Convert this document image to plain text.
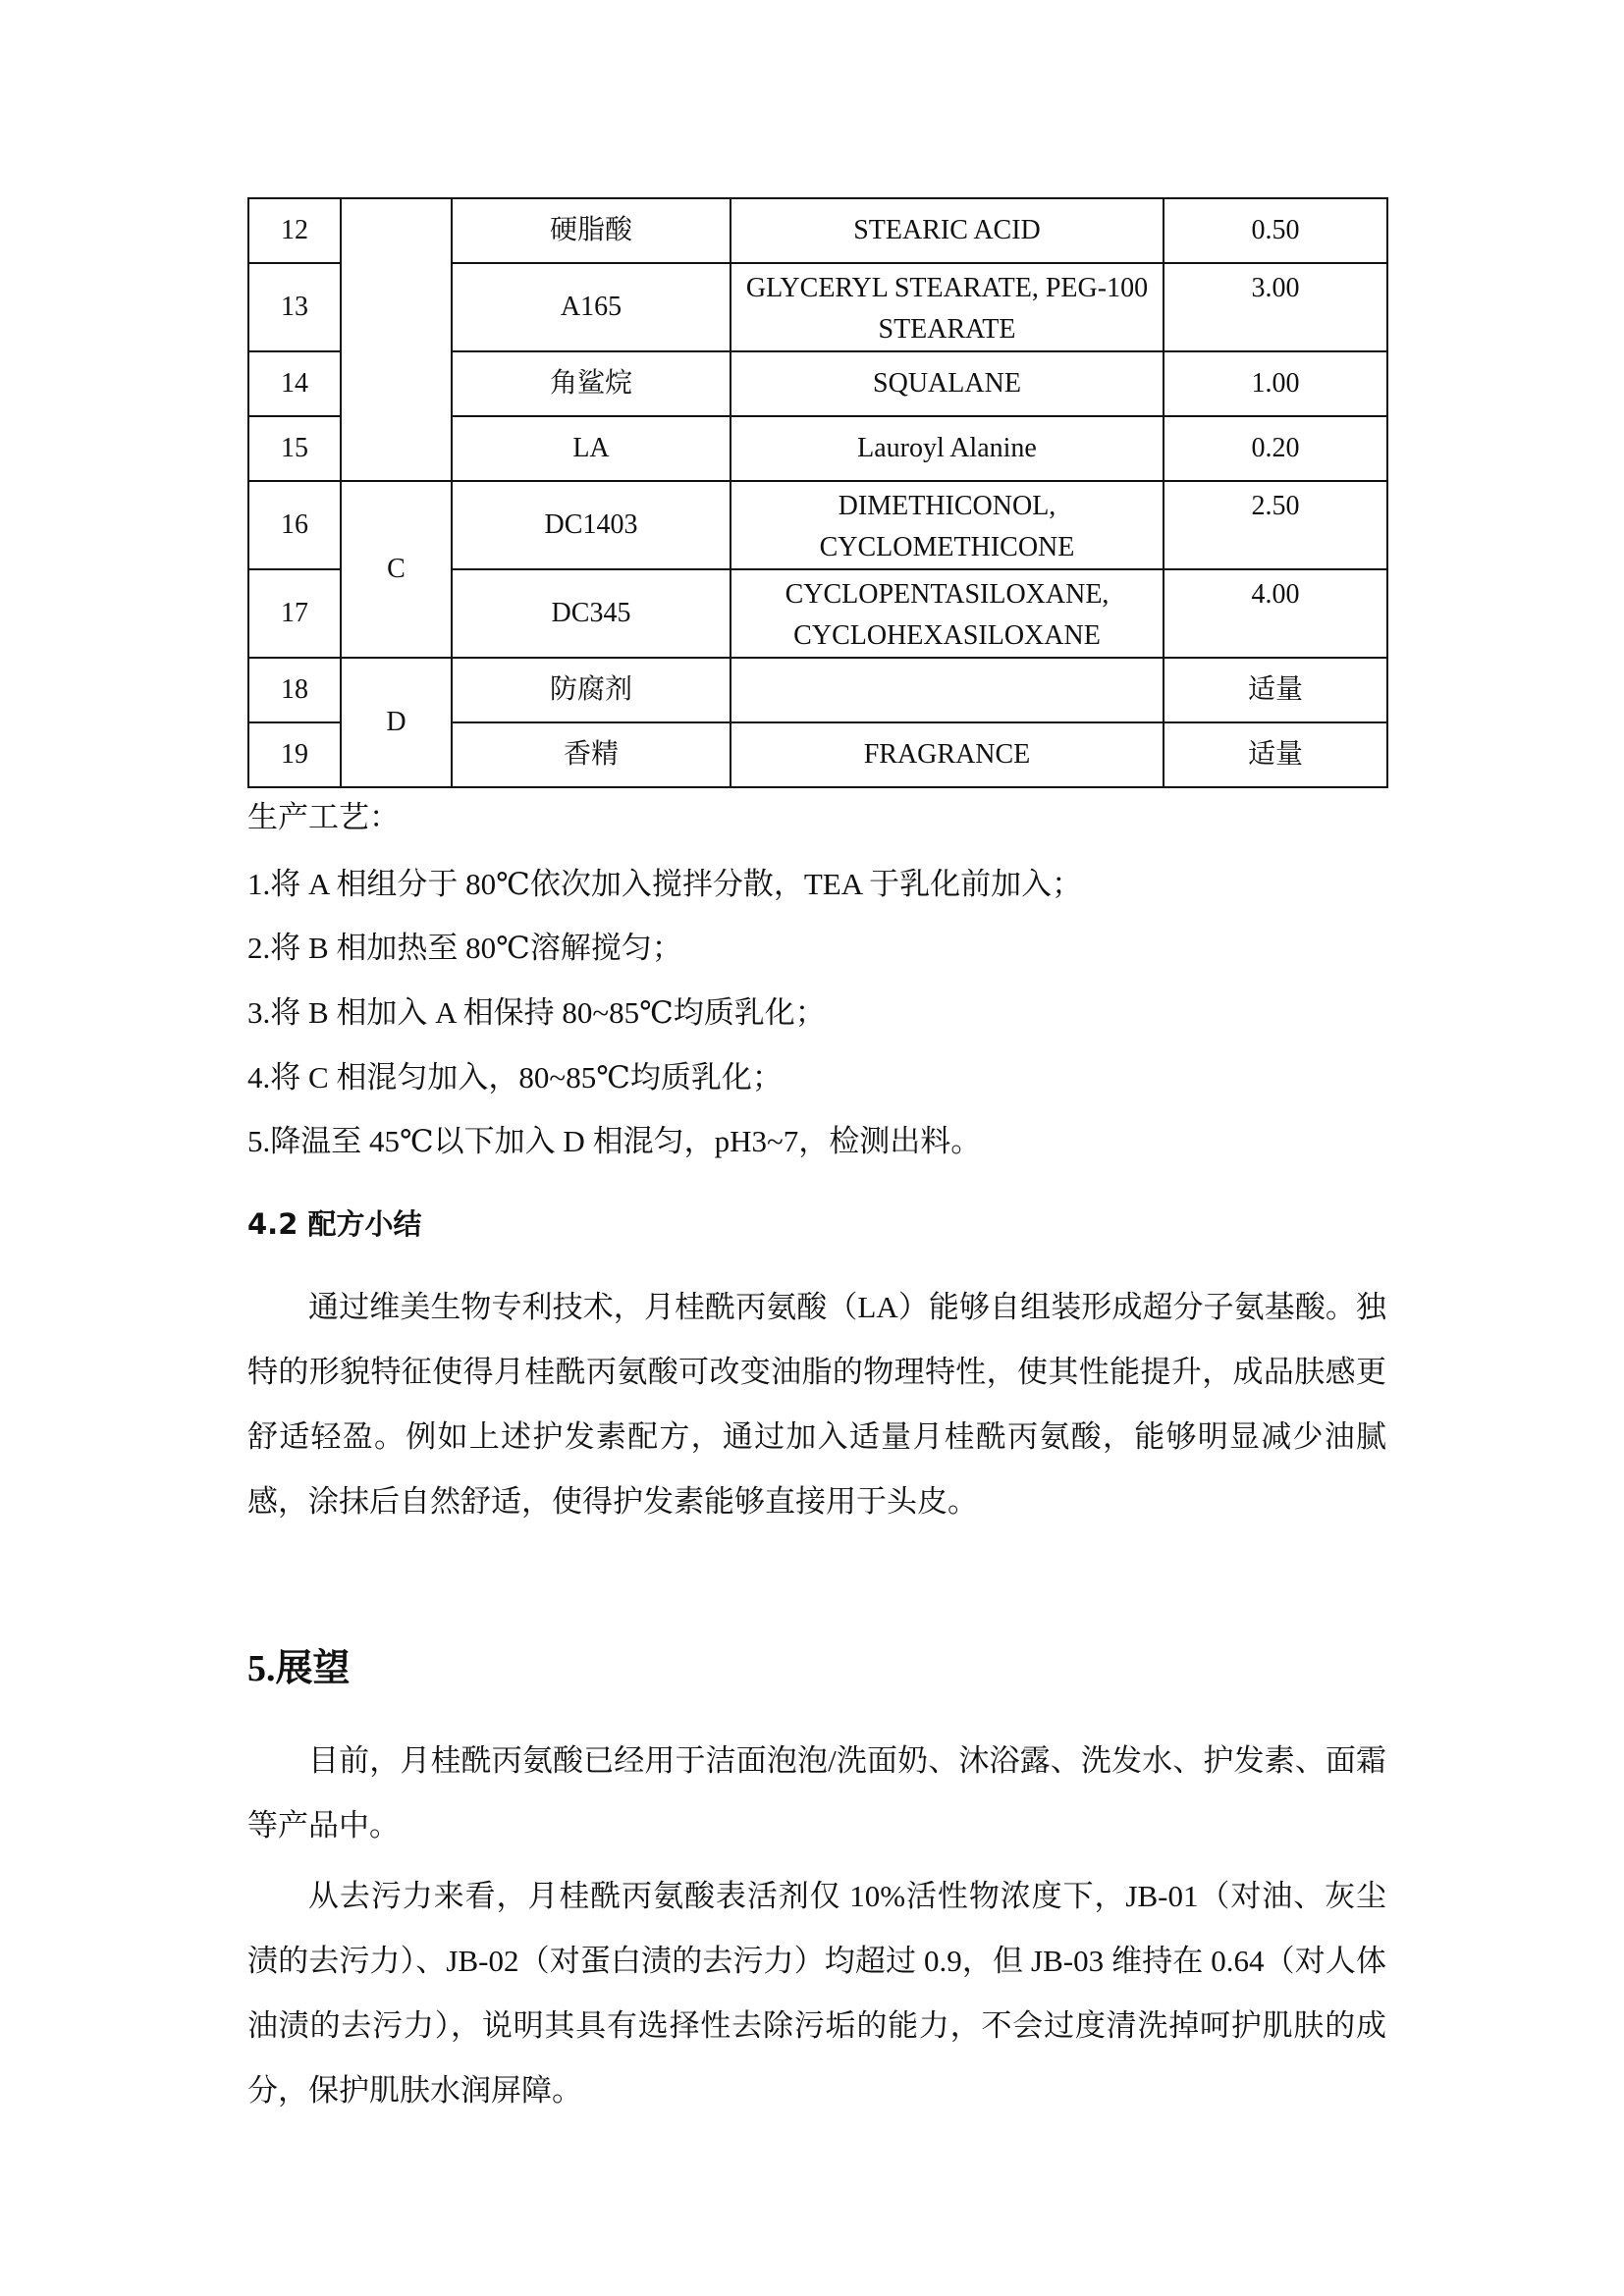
12		硬脂酸	STEARIC ACID	0.50
13		A165	GLYCERYL STEARATE, PEG-100 STEARATE	3.00
14		角鲨烷	SQUALANE	1.00
15		LA	Lauroyl Alanine	0.20
16	C	DC1403	DIMETHICONOL, CYCLOMETHICONE	2.50
17		DC345	CYCLOPENTASILOXANE, CYCLOHEXASILOXANE	4.00
18	D	防腐剂		适量
19		香精	FRAGRANCE	适量
生产工艺：
1.将 A 相组分于 80℃依次加入搅拌分散，TEA 于乳化前加入；
2.将 B 相加热至 80℃溶解搅匀；
3.将 B 相加入 A 相保持 80~85℃均质乳化；
4.将 C 相混匀加入，80~85℃均质乳化；
5.降温至 45℃以下加入 D 相混匀，pH3~7，检测出料。
4.2 配方小结
通过维美生物专利技术，月桂酰丙氨酸（LA）能够自组装形成超分子氨基酸。独特的形貌特征使得月桂酰丙氨酸可改变油脂的物理特性，使其性能提升，成品肤感更舒适轻盈。例如上述护发素配方，通过加入适量月桂酰丙氨酸，能够明显减少油腻感，涂抹后自然舒适，使得护发素能够直接用于头皮。
5.展望
目前，月桂酰丙氨酸已经用于洁面泡泡/洗面奶、沐浴露、洗发水、护发素、面霜等产品中。
从去污力来看，月桂酰丙氨酸表活剂仅 10%活性物浓度下，JB-01（对油、灰尘渍的去污力）、JB-02（对蛋白渍的去污力）均超过 0.9，但 JB-03 维持在 0.64（对人体油渍的去污力），说明其具有选择性去除污垢的能力，不会过度清洗掉呵护肌肤的成分，保护肌肤水润屏障。
